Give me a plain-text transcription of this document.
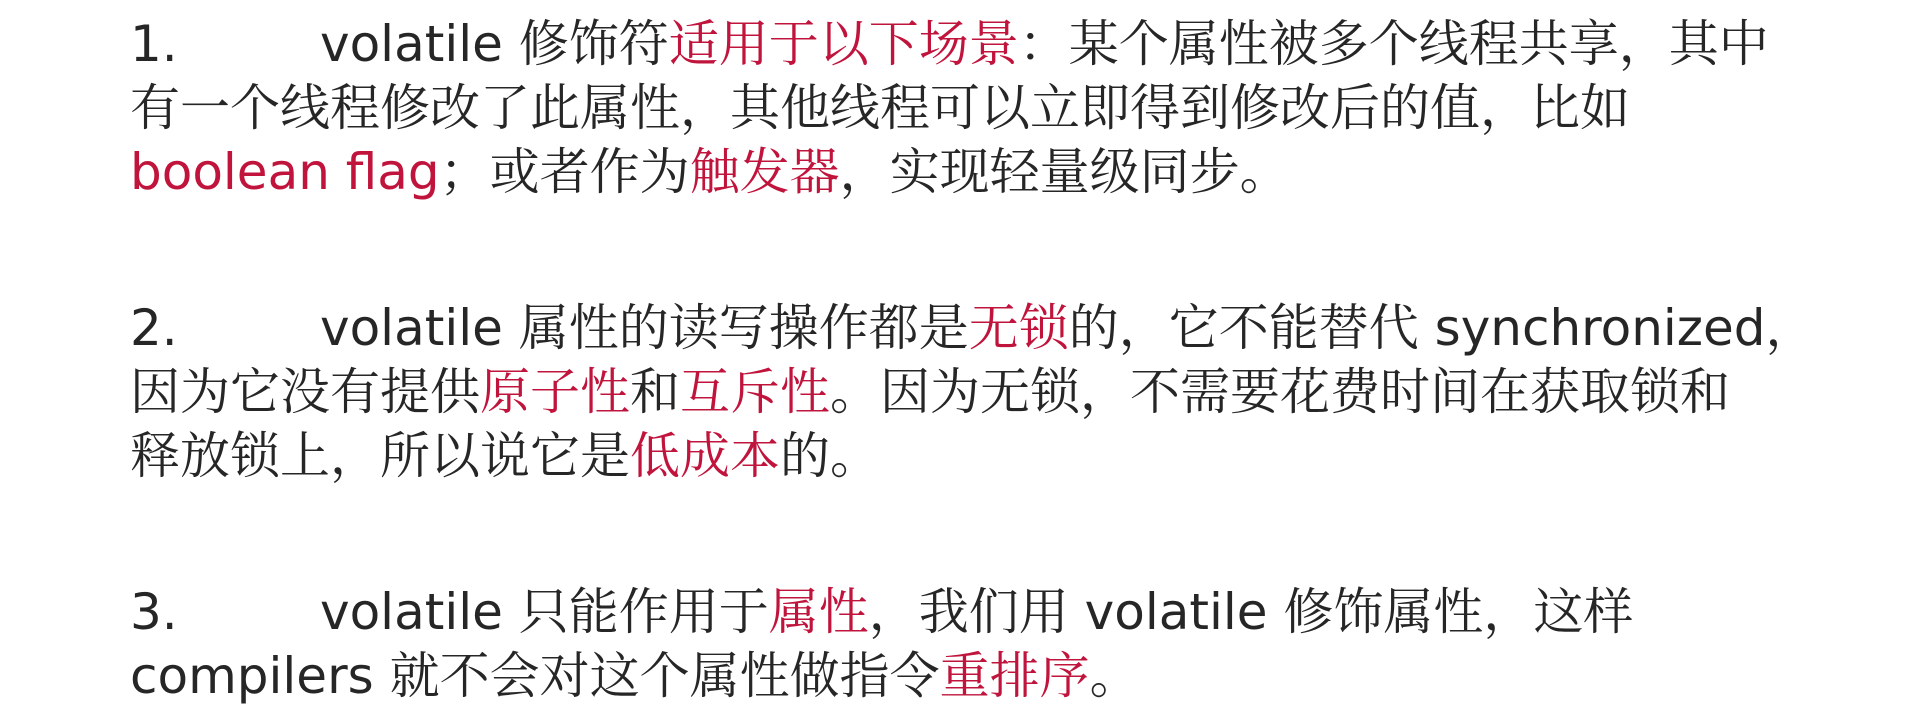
1.	volatile 修饰符适用于以下场景：某个属性被多个线程共享，其中
有一个线程修改了此属性，其他线程可以立即得到修改后的值，比如
boolean flag；或者作为触发器，实现轻量级同步。
2.	volatile 属性的读写操作都是无锁的，它不能替代 synchronized，
因为它没有提供原子性和互斥性。因为无锁，不需要花费时间在获取锁和
释放锁上，所以说它是低成本的。
3.	volatile 只能作用于属性，我们用 volatile 修饰属性，这样
compilers 就不会对这个属性做指令重排序。
